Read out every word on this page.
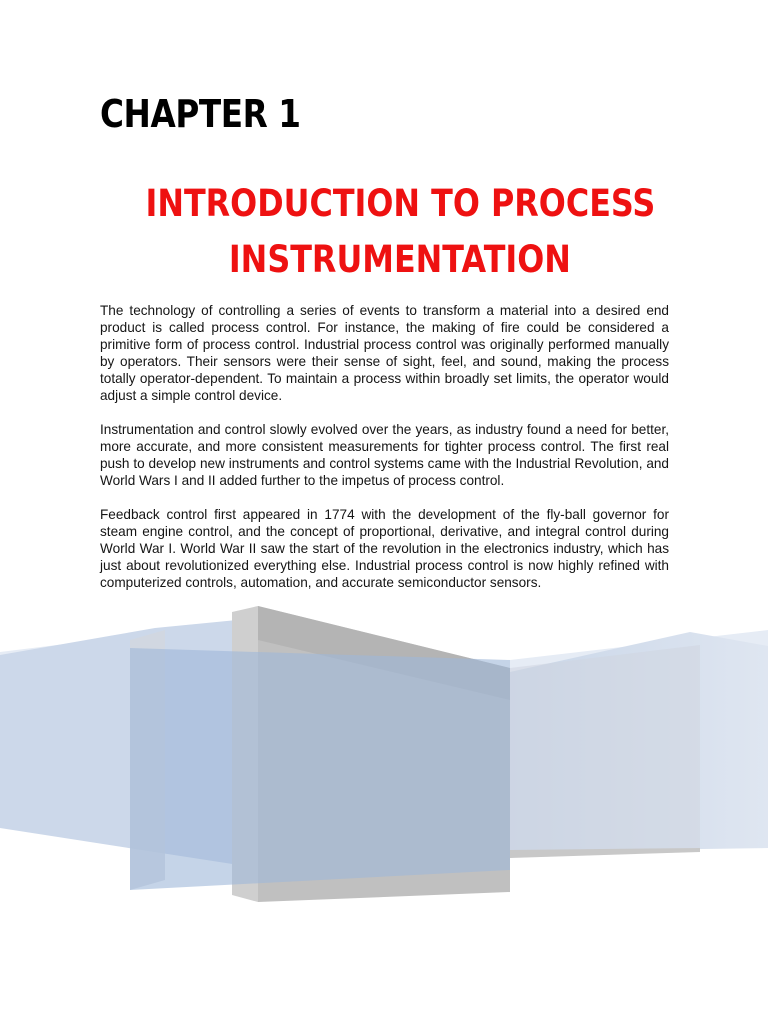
CHAPTER 1
INTRODUCTION TO PROCESS
INSTRUMENTATION

The technology of controlling a series of events to transform a material into a desired end product is called process control. For instance, the making of fire could be considered a primitive form of process control. Industrial process control was originally performed manually by operators. Their sensors were their sense of sight, feel, and sound, making the process totally operator-dependent. To maintain a process within broadly set limits, the operator would adjust a simple control device.

Instrumentation and control slowly evolved over the years, as industry found a need for better, more accurate, and more consistent measurements for tighter process control. The first real push to develop new instruments and control systems came with the Industrial Revolution, and World Wars I and II added further to the impetus of process control.

Feedback control first appeared in 1774 with the development of the fly-ball governor for steam engine control, and the concept of proportional, derivative, and integral control during World War I. World War II saw the start of the revolution in the electronics industry, which has just about revolutionized everything else. Industrial process control is now highly refined with computerized controls, automation, and accurate semiconductor sensors.
